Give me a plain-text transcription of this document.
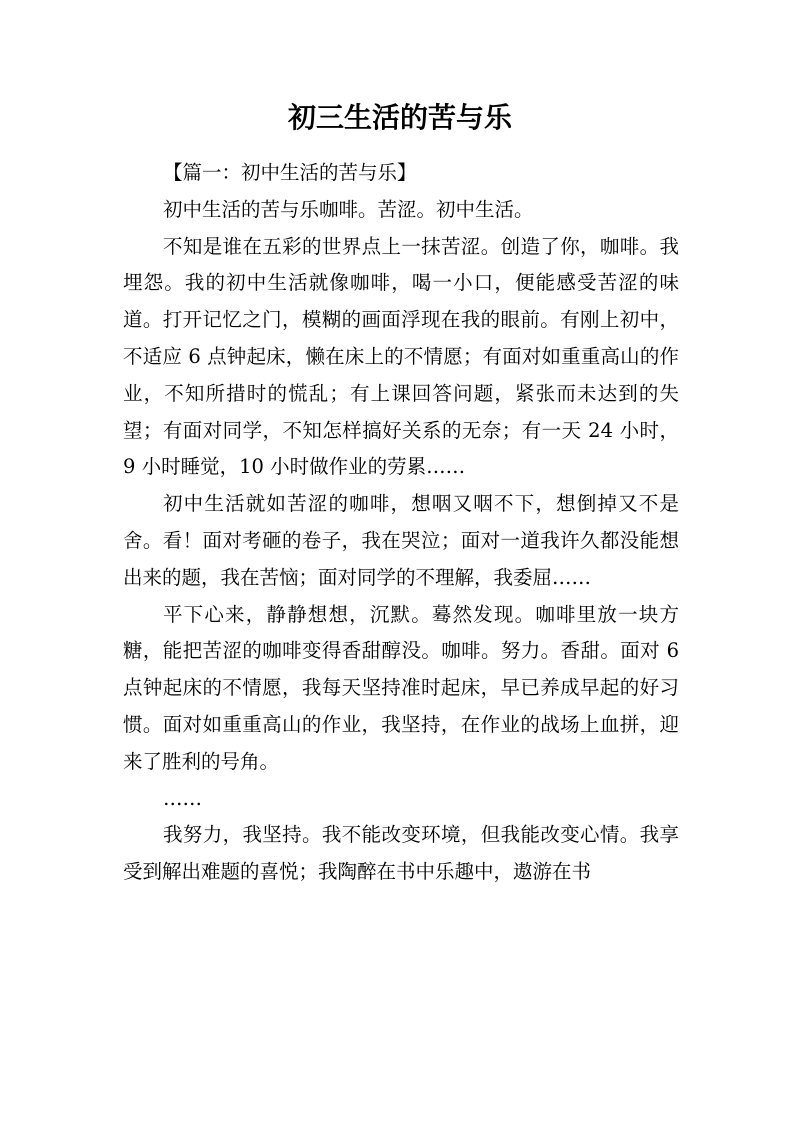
初三生活的苦与乐

【篇一：初中生活的苦与乐】

初中生活的苦与乐咖啡。苦涩。初中生活。

不知是谁在五彩的世界点上一抹苦涩。创造了你，咖啡。我埋怨。我的初中生活就像咖啡，喝一小口，便能感受苦涩的味道。打开记忆之门，模糊的画面浮现在我的眼前。有刚上初中，不适应 6 点钟起床，懒在床上的不情愿；有面对如重重高山的作业，不知所措时的慌乱；有上课回答问题，紧张而未达到的失望；有面对同学，不知怎样搞好关系的无奈；有一天 24 小时，9 小时睡觉，10 小时做作业的劳累……

初中生活就如苦涩的咖啡，想咽又咽不下，想倒掉又不是舍。看！面对考砸的卷子，我在哭泣；面对一道我许久都没能想出来的题，我在苦恼；面对同学的不理解，我委屈……

平下心来，静静想想，沉默。蓦然发现。咖啡里放一块方糖，能把苦涩的咖啡变得香甜醇没。咖啡。努力。香甜。面对 6 点钟起床的不情愿，我每天坚持准时起床，早已养成早起的好习惯。面对如重重高山的作业，我坚持，在作业的战场上血拼，迎来了胜利的号角。

……

我努力，我坚持。我不能改变环境，但我能改变心情。我享受到解出难题的喜悦；我陶醉在书中乐趣中，遨游在书
